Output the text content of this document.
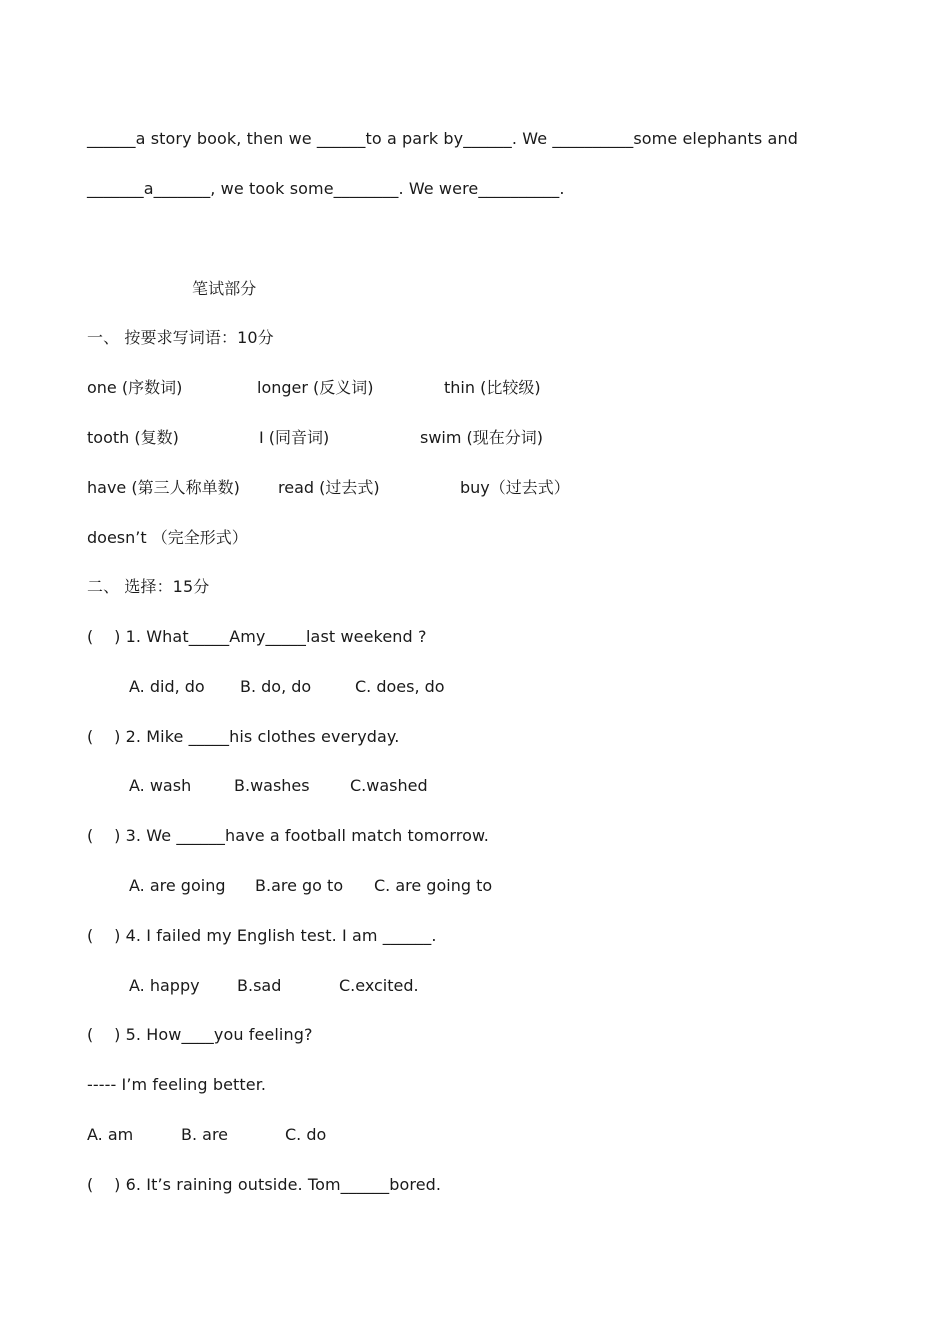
______a story book, then we ______to a park by______. We __________some elephants and
_______a_______, we took some________. We were__________.
笔试部分
一、 按要求写词语：10分
one (序数词)	longer (反义词)	thin (比较级)
tooth (复数)	I (同音词)	swim (现在分词)
have (第三人称单数) read (过去式)	buy（过去式）
doesn’t （完全形式）
二、 选择：15分
(    ) 1. What_____Amy_____last weekend ?
A. did, do B. do, do	C. does, do
(    ) 2. Mike _____his clothes everyday.
A. wash	B.washes	C.washed
(    ) 3. We ______have a football match tomorrow.
A. are going B.are go to C. are going to
(    ) 4. I failed my English test. I am ______.
A. happy B.sad	C.excited.
(    ) 5. How____you feeling?
----- I’m feeling better.
A. am	B. are	C. do
(    ) 6. It’s raining outside. Tom______bored.
